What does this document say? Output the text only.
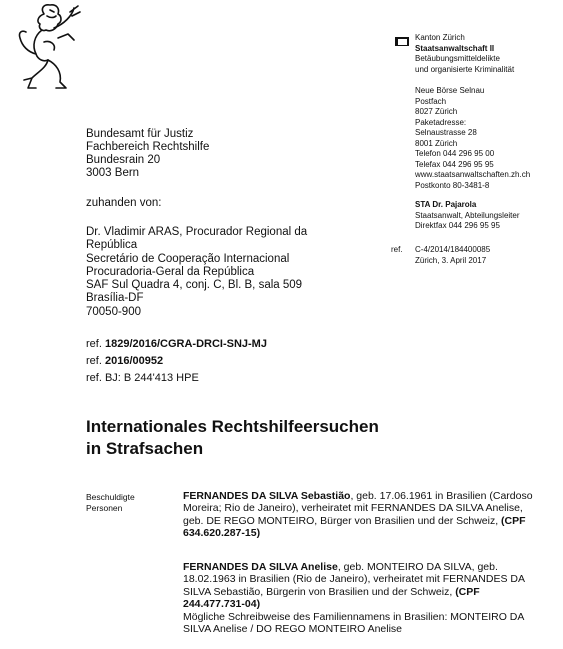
Kanton Zürich
Staatsanwaltschaft II
Betäubungsmitteldelikte
und organisierte Kriminalität
Neue Börse Selnau
Postfach
8027 Zürich
Paketadresse:
Selnaustrasse 28
8001 Zürich
Telefon 044 296 95 00
Telefax 044 296 95 95
www.staatsanwaltschaften.zh.ch
Postkonto 80-3481-8
STA Dr. Pajarola
Staatsanwalt, Abteilungsleiter
Direktfax 044 296 95 95
ref. C-4/2014/184400085
Zürich, 3. April 2017
Bundesamt für Justiz
Fachbereich Rechtshilfe
Bundesrain 20
3003 Bern
zuhanden von:
Dr. Vladimir ARAS, Procurador Regional da República
Secretário de Cooperação Internacional
Procuradoria-Geral da República
SAF Sul Quadra 4, conj. C, Bl. B, sala 509
Brasília-DF
70050-900
ref. 1829/2016/CGRA-DRCI-SNJ-MJ
ref. 2016/00952
ref. BJ: B 244'413 HPE
Internationales Rechtshilfeersuchen
in Strafsachen
Beschuldigte
Personen
FERNANDES DA SILVA Sebastião, geb. 17.06.1961 in Brasilien (Cardoso Moreira; Rio de Janeiro), verheiratet mit FERNANDES DA SILVA Anelise, geb. DE REGO MONTEIRO, Bürger von Brasilien und der Schweiz, (CPF 634.620.287-15)
FERNANDES DA SILVA Anelise, geb. MONTEIRO DA SILVA, geb. 18.02.1963 in Brasilien (Rio de Janeiro), verheiratet mit FERNANDES DA SILVA Sebastião, Bürgerin von Brasilien und der Schweiz, (CPF 244.477.731-04)
Mögliche Schreibweise des Familiennamens in Brasilien: MONTEIRO DA SILVA Anelise / DO REGO MONTEIRO Anelise
